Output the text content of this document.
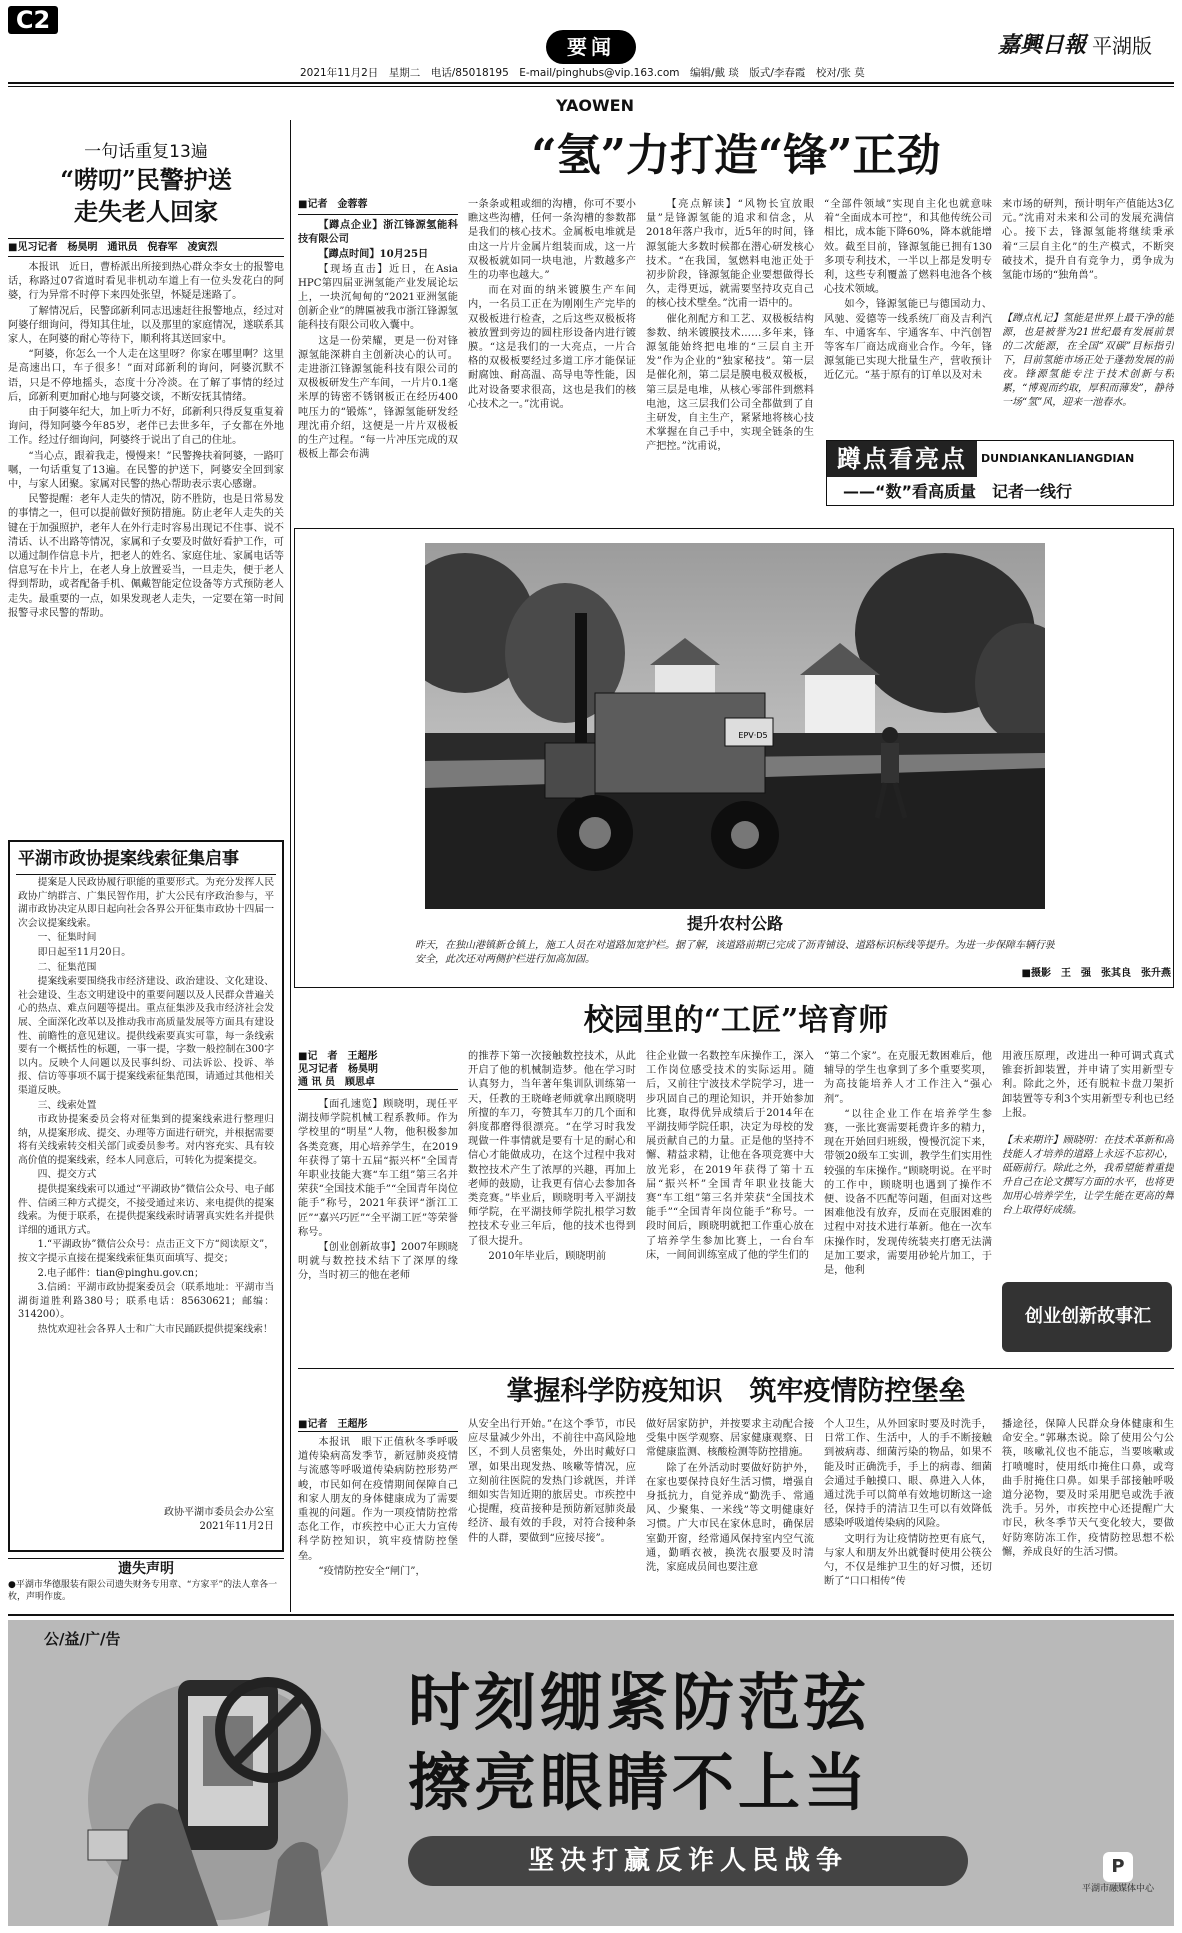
C2
2021年11月2日　星期二　电话/85018195　E-mail/pinghubs@vip.163.com　编辑/戴 琰　版式/李春霞　校对/张 莫
要闻	嘉興日報 平湖版
YAOWEN
一句话重复13遍
“唠叨”民警护送
走失老人回家
■见习记者　杨昊明　通讯员　倪春军　凌寅烈

本报讯　近日，曹桥派出所接到热心群众李女士的报警电话，称路过07省道时看见非机动车道上有一位头发花白的阿婆，行为异常不时停下来四处张望，怀疑是迷路了。

了解情况后，民警邱新利同志迅速赶往报警地点，经过对阿婆仔细询问，得知其住址，以及那里的家庭情况，遂联系其家人，在阿婆的耐心等待下，顺利将其送回家中。

“阿婆，你怎么一个人走在这里呀？你家在哪里啊？这里是高速出口，车子很多！”面对邱新利的询问，阿婆沉默不语，只是不停地摇头，态度十分冷淡。在了解了事情的经过后，邱新利更加耐心地与阿婆交谈，不断安抚其情绪。

由于阿婆年纪大，加上听力不好，邱新利只得反复重复着询问，得知阿婆今年85岁，老伴已去世多年，子女都在外地工作。经过仔细询问，阿婆终于说出了自己的住址。

“当心点，跟着我走，慢慢来！”民警搀扶着阿婆，一路叮嘱，一句话重复了13遍。在民警的护送下，阿婆安全回到家中，与家人团聚。家属对民警的热心帮助表示衷心感谢。

民警提醒：老年人走失的情况，防不胜防，也是日常易发的事情之一，但可以提前做好预防措施。防止老年人走失的关键在于加强照护，老年人在外行走时容易出现记不住事、说不清话、认不出路等情况，家属和子女要及时做好看护工作，可以通过制作信息卡片，把老人的姓名、家庭住址、家属电话等信息写在卡片上，在老人身上放置妥当，一旦走失，便于老人得到帮助，或者配备手机、佩戴智能定位设备等方式预防老人走失。最重要的一点，如果发现老人走失，一定要在第一时间报警寻求民警的帮助。

平湖市政协提案线索征集启事

提案是人民政协履行职能的重要形式。为充分发挥人民政协广纳群言、广集民智作用，扩大公民有序政治参与，平湖市政协决定从即日起向社会各界公开征集市政协十四届一次会议提案线索。

一、征集时间

即日起至11月20日。

二、征集范围

提案线索要围绕我市经济建设、政治建设、文化建设、社会建设、生态文明建设中的重要问题以及人民群众普遍关心的热点、难点问题等提出。重点征集涉及我市经济社会发展、全面深化改革以及推动我市高质量发展等方面具有建设性、前瞻性的意见建议。提供线索要真实可靠，每一条线索要有一个概括性的标题，一事一提，字数一般控制在300字以内。反映个人问题以及民事纠纷、司法诉讼、投诉、举报、信访等事项不属于提案线索征集范围，请通过其他相关渠道反映。

三、线索处置

市政协提案委员会将对征集到的提案线索进行整理归纳，从提案形成、提交、办理等方面进行研究，并根据需要将有关线索转交相关部门或委员参考。对内容充实、具有较高价值的提案线索，经本人同意后，可转化为提案提交。

四、提交方式

提供提案线索可以通过“平湖政协”微信公众号、电子邮件、信函三种方式提交，不接受通过来访、来电提供的提案线索。为便于联系，在提供提案线索时请署真实姓名并提供详细的通讯方式。

1.“平湖政协”微信公众号：点击正文下方“阅读原文”，按文字提示直接在提案线索征集页面填写、提交；

2.电子邮件：tian@pinghu.gov.cn；

3.信函：平湖市政协提案委员会（联系地址：平湖市当湖街道胜利路380号；联系电话：85630621；邮编：314200）。

热忱欢迎社会各界人士和广大市民踊跃提供提案线索！

政协平湖市委员会办公室
2021年11月2日
遗失声明
●平湖市华德服装有限公司遗失财务专用章、“方家平”的法人章各一枚，声明作废。
“氢”力打造“锋”正劲
■记者　金蓉蓉

【蹲点企业】浙江锋源氢能科技有限公司

【蹲点时间】10月25日

【现场直击】近日，在Asia HPC第四届亚洲氢能产业发展论坛上，一块沉甸甸的“2021亚洲氢能创新企业”的牌匾被我市浙江锋源氢能科技有限公司收入囊中。

这是一份荣耀，更是一份对锋源氢能深耕自主创新决心的认可。走进浙江锋源氢能科技有限公司的双极板研发生产车间，一片片0.1毫米厚的铸密不锈钢板正在经历400吨压力的“锻炼”，锋源氢能研发经理沈甫介绍，这便是一片片双极板的生产过程。“每一片冲压完成的双极板上都会布满

一条条或粗或细的沟槽，你可不要小瞧这些沟槽，任何一条沟槽的参数都是我们的核心技术。金属板电堆就是由这一片片金属片组装而成，这一片双极板就如同一块电池，片数越多产生的功率也越大。”

而在对面的纳米镀膜生产车间内，一名员工正在为刚刚生产完毕的双极板进行检查，之后这些双极板将被放置到旁边的圆柱形设备内进行镀膜。“这是我们的一大亮点，一片合格的双极板要经过多道工序才能保证耐腐蚀、耐高温、高导电等性能，因此对设备要求很高，这也是我们的核心技术之一。”沈甫说。

【亮点解读】“风物长宜放眼量”是锋源氢能的追求和信念，从2018年落户我市，近5年的时间，锋源氢能大多数时候都在潜心研发核心技术。“在我国，氢燃料电池正处于初步阶段，锋源氢能企业要想做得长久，走得更远，就需要坚持攻克自己的核心技术壁垒。”沈甫一语中的。

催化剂配方和工艺、双极板结构参数、纳米镀膜技术……多年来，锋源氢能始终把电堆的“三层自主开发”作为企业的“独家秘技”。第一层是催化剂，第二层是膜电极双极板，第三层是电堆，从核心零部件到燃料电池，这三层我们公司全都做到了自主研发，自主生产，紧紧地将核心技术掌握在自己手中，实现全链条的生产把控。”沈甫说，

“全部件领域”实现自主化也就意味着“全面成本可控”，和其他传统公司相比，成本能下降60%，降本就能增效。截至目前，锋源氢能已拥有130多项专利技术，一半以上都是发明专利，这些专利覆盖了燃料电池各个核心技术领域。

如今，锋源氢能已与德国动力、风驰、爱德等一线系统厂商及吉利汽车、中通客车、宇通客车、中汽创智等客车厂商达成商业合作。今年，锋源氢能已实现大批量生产，营收预计近亿元。“基于原有的订单以及对未

来市场的研判，预计明年产值能达3亿元。”沈甫对未来和公司的发展充满信心。接下去，锋源氢能将继续秉承着“三层自主化”的生产模式，不断突破技术，提升自有竞争力，勇争成为氢能市场的“独角兽”。

【蹲点札记】氢能是世界上最干净的能源，也是被誉为21世纪最有发展前景的二次能源，在全国“双碳”目标指引下，目前氢能市场正处于蓬勃发展的前夜。锋源氢能专注于技术创新与积累，“博观而约取，厚积而薄发”，静待一场“氢”风，迎来一池春水。
蹲点看亮点	DUNDIANKANLIANGDIAN
——“数”看高质量　记者一线行
EPV·D5
提升农村公路
昨天，在独山港镇新仓镇上，施工人员在对道路加宽护栏。据了解，该道路前期已完成了沥青铺设、道路标识标线等提升。为进一步保障车辆行驶安全，此次还对两侧护栏进行加高加固。
■摄影　王　强　张其良　张升燕
校园里的“工匠”培育师
■记　者　王超彤
见习记者　杨昊明
通 讯 员　顾思卓

【面孔速览】顾晓明，现任平湖技师学院机械工程系教师。作为学校里的“明星”人物，他积极参加各类竞赛，用心培养学生，在2019年获得了第十五届“振兴杯”全国青年职业技能大赛“车工组”第三名并荣获“全国技术能手”“全国青年岗位能手”称号，2021年获评“浙江工匠”“嘉兴巧匠”“全平湖工匠”等荣誉称号。

【创业创新故事】2007年顾晓明就与数控技术结下了深厚的缘分，当时初三的他在老师

的推荐下第一次接触数控技术，从此开启了他的机械制造梦。他在学习时认真努力，当年著年集训队训练第一天，任教的王晓峰老师就拿出顾晓明所擅的车刀，夸赞其车刀的几个面和斜度都磨得很漂亮。“在学习时我发现做一件事情就是要有十足的耐心和信心才能做成功，在这个过程中我对数控技术产生了浓厚的兴趣，再加上老师的鼓励，让我更有信心去参加各类竞赛。”毕业后，顾晓明考入平湖技师学院，在平湖技师学院扎根学习数控技术专业三年后，他的技术也得到了很大提升。

2010年毕业后，顾晓明前

往企业做一名数控车床操作工，深入工作岗位感受技术的实际运用。随后，又前往宁波技术学院学习，进一步巩固自己的理论知识，并开始参加比赛，取得优异成绩后于2014年在平湖技师学院任职，决定为母校的发展贡献自己的力量。正是他的坚持不懈、精益求精，让他在各项竞赛中大放光彩，在2019年获得了第十五届“振兴杯”全国青年职业技能大赛“车工组”第三名并荣获“全国技术能手”“全国青年岗位能手”称号。一段时间后，顾晓明就把工作重心放在了培养学生参加比赛上，一台台车床，一间间训练室成了他的学生们的

“第二个家”。在克服无数困难后，他辅导的学生也拿到了多个重要奖项，为高技能培养人才工作注入“强心剂”。

“以往企业工作在培养学生参赛，一张比赛需要耗费许多的精力，现在开始回归班级，慢慢沉淀下来，带领20级车工实训，教学生们实用性较强的车床操作。”顾晓明说。在平时的工作中，顾晓明也遇到了操作不便、设备不匹配等问题，但面对这些困难他没有放弃，反而在克服困难的过程中对技术进行革新。他在一次车床操作时，发现传统装夹打磨无法满足加工要求，需要用砂轮片加工，于是，他利

用液压原理，改进出一种可调式真式锥套折卸装置，并申请了实用新型专利。除此之外，还有脱粒卡盘刀架折卸装置等专利3个实用新型专利也已经上报。

【未来期许】顾晓明：在技术革新和高技能人才培养的道路上永远不忘初心，砥砺前行。除此之外，我希望能着重提升自己在论文撰写方面的水平，也将更加用心培养学生，让学生能在更高的舞台上取得好成绩。
创业创新故事汇
掌握科学防疫知识　筑牢疫情防控堡垒
■记者　王超彤

本报讯　眼下正值秋冬季呼吸道传染病高发季节，新冠肺炎疫情与流感等呼吸道传染病防控形势严峻，市民如何在疫情期间保障自己和家人朋友的身体健康成为了需要重视的问题。作为一项疫情防控常态化工作，市疾控中心正大力宣传科学防控知识，筑牢疫情防控堡垒。

“疫情防控安全“闸门”，

从安全出行开始。”在这个季节，市民应尽量减少外出，不前往中高风险地区，不到人员密集处，外出时戴好口罩，如果出现发热、咳嗽等情况，应立刻前往医院的发热门诊就医，并详细如实告知近期的旅居史。市疾控中心提醒，疫苗接种是预防新冠肺炎最经济、最有效的手段，对符合接种条件的人群，要做到“应接尽接”。

做好居家防护，并按要求主动配合接受集中医学观察、居家健康观察、日常健康监测、核酸检测等防控措施。

除了在外活动时要做好防护外，在家也要保持良好生活习惯，增强自身抵抗力，自觉养成“勤洗手、常通风、少聚集、一米线”等文明健康好习惯。广大市民在家休息时，确保居室勤开窗，经常通风保持室内空气流通，勤晒衣被，换洗衣服要及时清洗，家庭成员间也要注意

个人卫生，从外回家时要及时洗手，日常工作、生活中，人的手不断接触到被病毒、细菌污染的物品，如果不能及时正确洗手，手上的病毒、细菌会通过手触摸口、眼、鼻进入人体，通过洗手可以简单有效地切断这一途径，保持手的清洁卫生可以有效降低感染呼吸道传染病的风险。

文明行为让疫情防控更有底气，与家人和朋友外出就餐时使用公筷公勺，不仅是维护卫生的好习惯，还切断了“口口相传”传

播途径，保障人民群众身体健康和生命安全。”郭琳杰说。除了使用公勺公筷，咳嗽礼仪也不能忘，当要咳嗽或打喷嚏时，使用纸巾掩住口鼻，或弯曲手肘掩住口鼻。如果手部接触呼吸道分泌物，要及时采用肥皂或洗手液洗手。另外，市疾控中心还提醒广大市民，秋冬季节天气变化较大，要做好防寒防冻工作，疫情防控思想不松懈，养成良好的生活习惯。

公/益/广/告
时刻绷紧防范弦
擦亮眼睛不上当
坚决打赢反诈人民战争	P
平湖市融媒体中心
